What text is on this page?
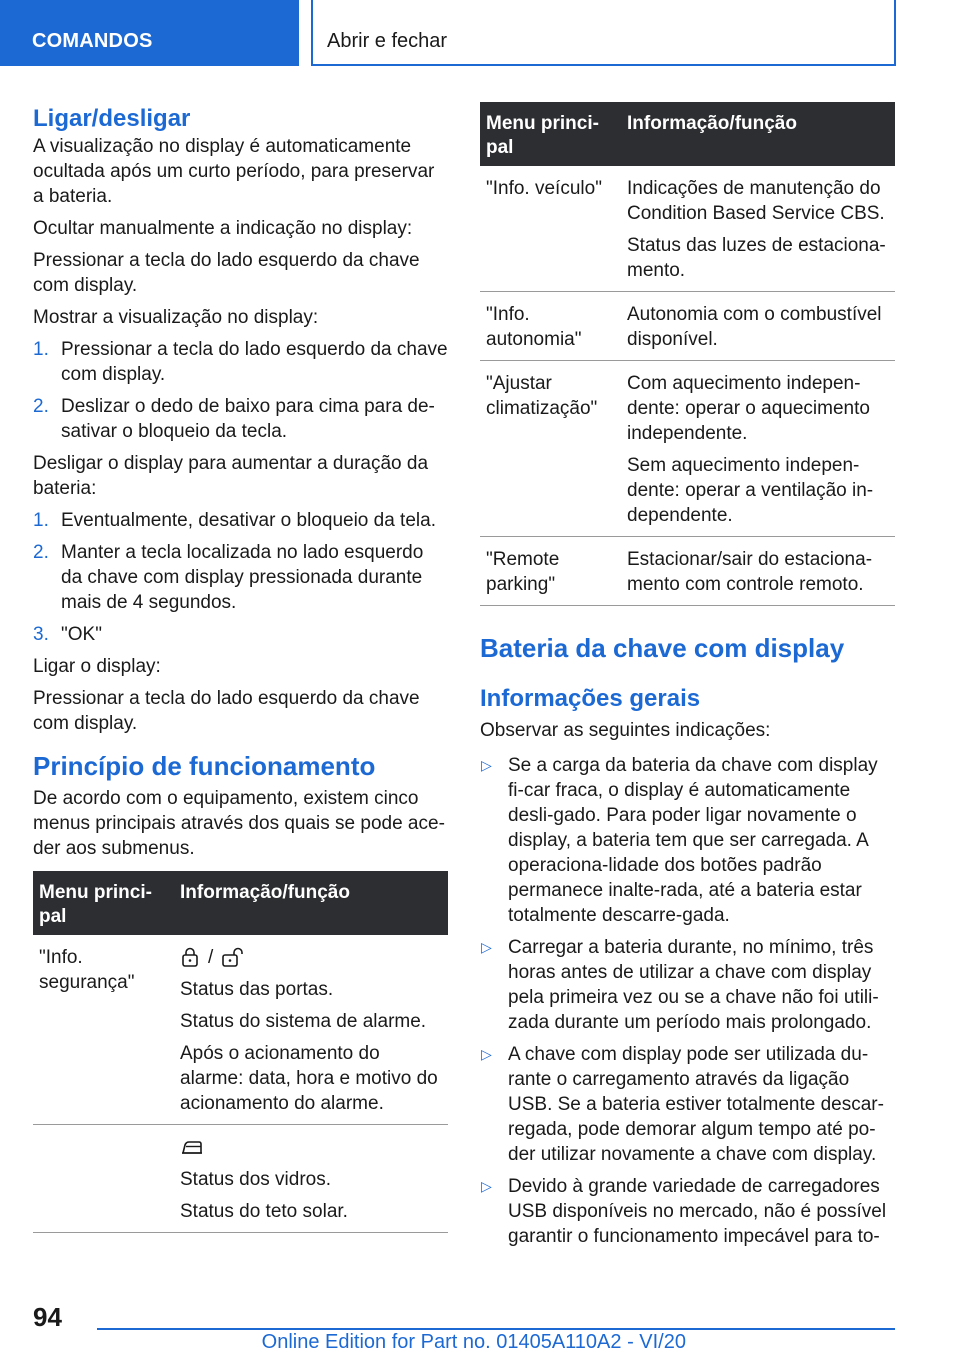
COMANDOS	Abrir e fechar
Ligar/desligar

A visualização no display é automaticamente ocultada após um curto período, para preservar a bateria.

Ocultar manualmente a indicação no display:

Pressionar a tecla do lado esquerdo da chave com display.

Mostrar a visualização no display:

1. Pressionar a tecla do lado esquerdo da chave com display.
2. Deslizar o dedo de baixo para cima para de‐sativar o bloqueio da tecla.

Desligar o display para aumentar a duração da bateria:

1. Eventualmente, desativar o bloqueio da tela.
2. Manter a tecla localizada no lado esquerdo da chave com display pressionada durante mais de 4 segundos.
3. "OK"

Ligar o display:

Pressionar a tecla do lado esquerdo da chave com display.

Princípio de funcionamento

De acordo com o equipamento, existem cinco menus principais através dos quais se pode ace‐der aos submenus.

Menu princi‐pal	Informação/função
"Info. segurança"	/

Status das portas.

Status do sistema de alarme.

Após o acionamento do alarme: data, hora e motivo do acionamento do alarme.

	Status dos vidros.

Status do teto solar.

Menu princi‐pal	Informação/função
"Info. veículo"	Indicações de manutenção do Condition Based Service CBS.

Status das luzes de estaciona‐mento.

"Info. autonomia"	Autonomia com o combustível disponível.

"Ajustar climatização"	Com aquecimento indepen‐dente: operar o aquecimento independente.

Sem aquecimento indepen‐dente: operar a ventilação in‐dependente.

"Remote parking"	Estacionar/sair do estaciona‐mento com controle remoto.

Bateria da chave com display
Informações gerais

Observar as seguintes indicações:

▷ Se a carga da bateria da chave com display fi‐car fraca, o display é automaticamente desli‐gado. Para poder ligar novamente o display, a bateria tem que ser carregada. A operaciona‐lidade dos botões padrão permanece inalte‐rada, até a bateria estar totalmente descarre‐gada.
▷ Carregar a bateria durante, no mínimo, três horas antes de utilizar a chave com display pela primeira vez ou se a chave não foi utili‐zada durante um período mais prolongado.
▷ A chave com display pode ser utilizada du‐rante o carregamento através da ligação USB. Se a bateria estiver totalmente descar‐regada, pode demorar algum tempo até po‐der utilizar novamente a chave com display.
▷ Devido à grande variedade de carregadores USB disponíveis no mercado, não é possível garantir o funcionamento impecável para to‐
94
Online Edition for Part no. 01405A110A2 - VI/20
